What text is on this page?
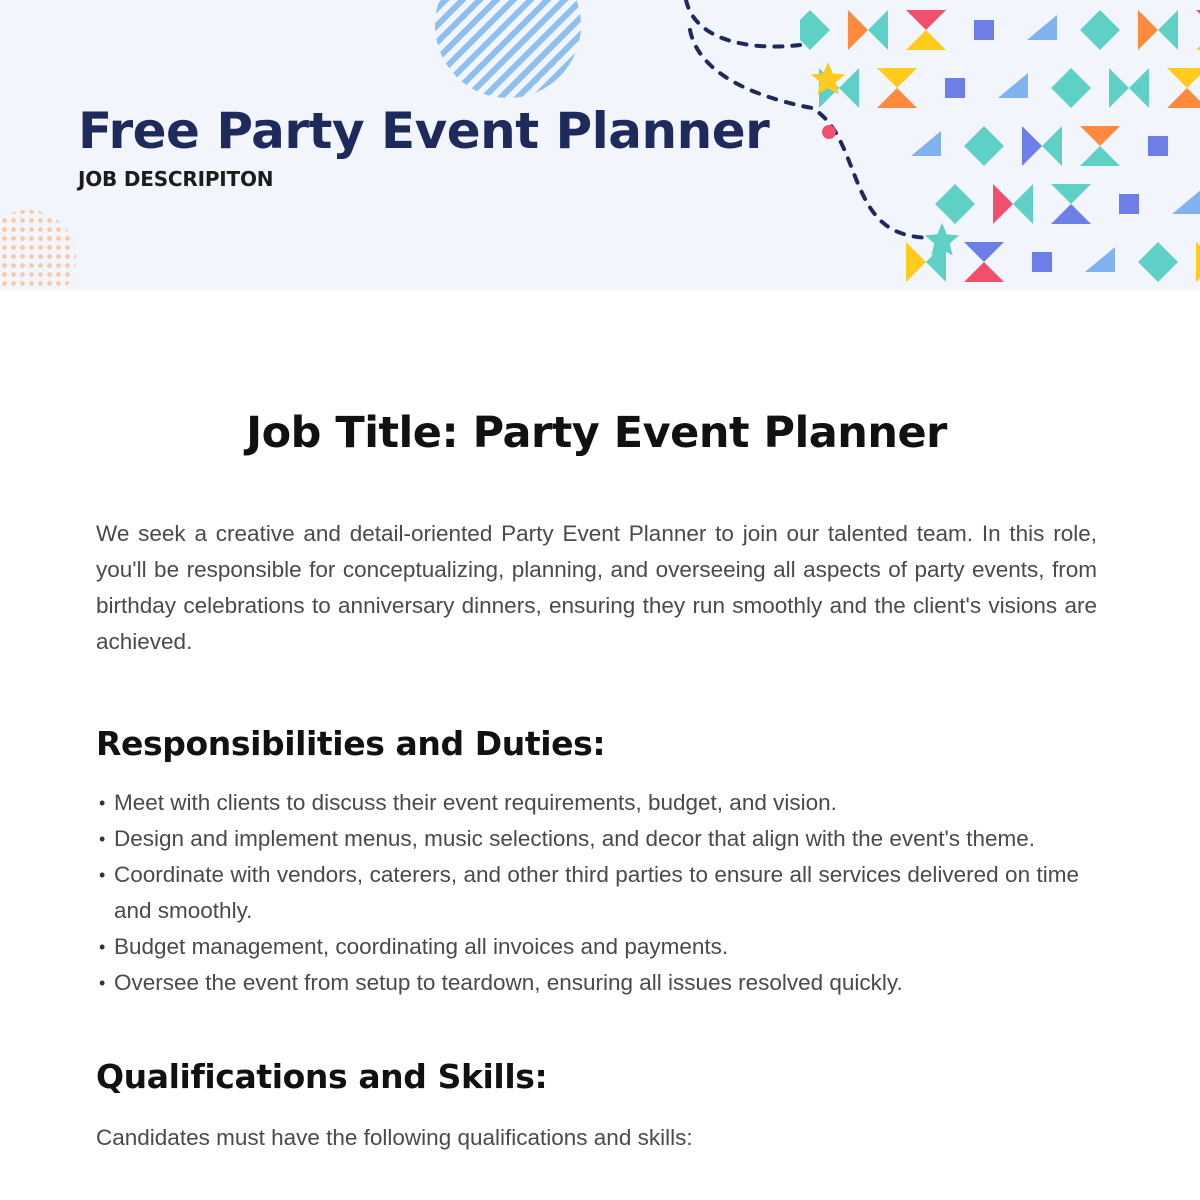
Free Party Event Planner
JOB DESCRIPITON
Job Title: Party Event Planner

We seek a creative and detail-oriented Party Event Planner to join our talented team. In this role, you'll be responsible for conceptualizing, planning, and overseeing all aspects of party events, from birthday celebrations to anniversary dinners, ensuring they run smoothly and the client's visions are achieved.

Responsibilities and Duties:
• Meet with clients to discuss their event requirements, budget, and vision.
• Design and implement menus, music selections, and decor that align with the event's theme.
• Coordinate with vendors, caterers, and other third parties to ensure all services delivered on time and smoothly.
• Budget management, coordinating all invoices and payments.
• Oversee the event from setup to teardown, ensuring all issues resolved quickly.
Qualifications and Skills:

Candidates must have the following qualifications and skills:
